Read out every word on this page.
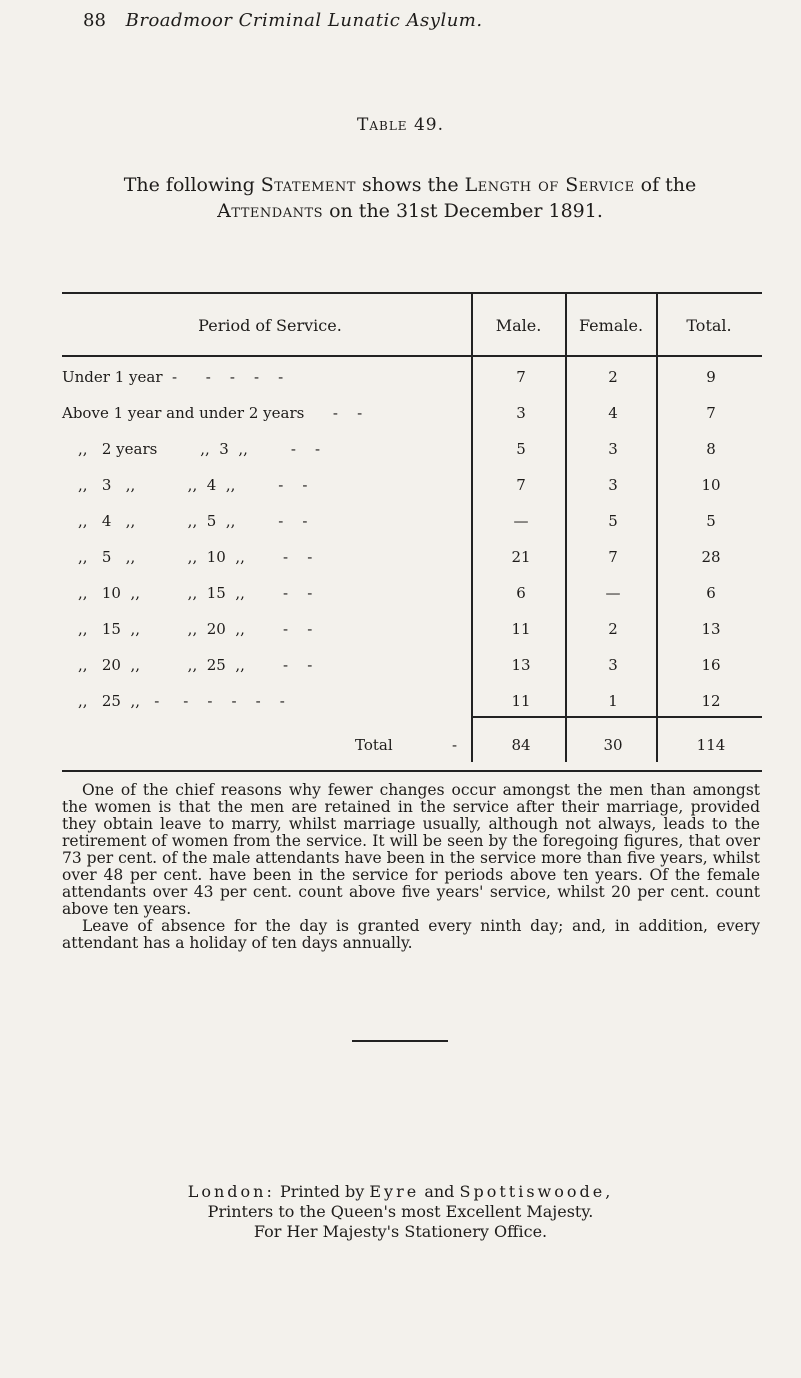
88 Broadmoor Criminal Lunatic Asylum.
Table 49.
The following Statement shows the Length of Service of the
Attendants on the 31st December 1891.
Period of Service.	Male.	Female.	Total.
Under 1 year  -      -    -    -    -	7	2	9
Above 1 year and under 2 years      -    -	3	4	7
,,   2 years         ,,  3  ,,         -    -	5	3	8
,,   3   ,,           ,,  4  ,,         -    -	7	3	10
,,   4   ,,           ,,  5  ,,         -    -	—	5	5
,,   5   ,,           ,,  10  ,,        -    -	21	7	28
,,   10  ,,          ,,  15  ,,        -    -	6	—	6
,,   15  ,,          ,,  20  ,,        -    -	11	2	13
,,   20  ,,          ,,  25  ,,        -    -	13	3	16
,,   25  ,,   -     -    -    -    -    -	11	1	12
Total	-	84	30	114

One of the chief reasons why fewer changes occur amongst the men than amongst the women is that the men are retained in the service after their marriage, provided they obtain leave to marry, whilst marriage usually, although not always, leads to the retirement of women from the service. It will be seen by the foregoing figures, that over 73 per cent. of the male attendants have been in the service more than five years, whilst over 48 per cent. have been in the service for periods above ten years. Of the female attendants over 43 per cent. count above five years' service, whilst 20 per cent. count above ten years.

Leave of absence for the day is granted every ninth day; and, in addition, every attendant has a holiday of ten days annually.

London: Printed by Eyre and Spottiswoode,
Printers to the Queen's most Excellent Majesty.
For Her Majesty's Stationery Office.
